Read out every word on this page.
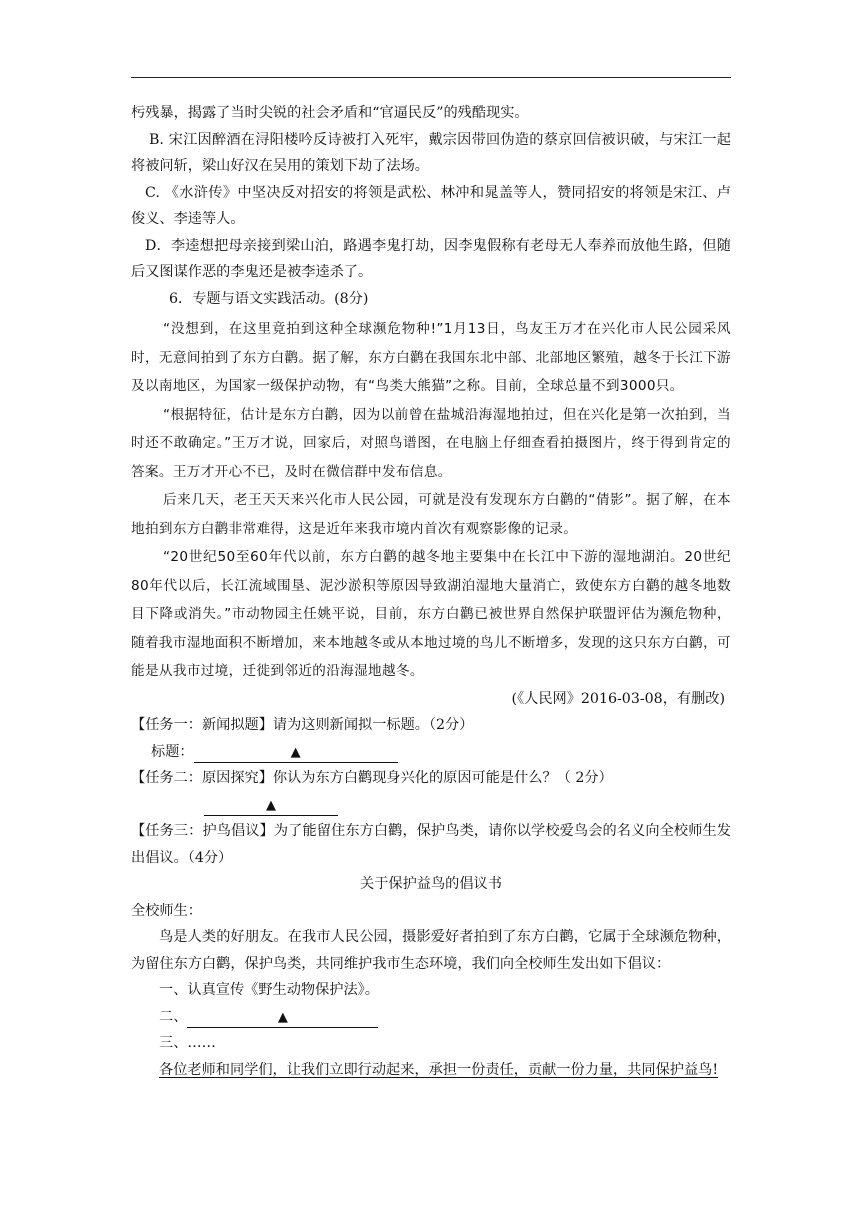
杇残暴，揭露了当时尖锐的社会矛盾和“官逼民反”的残酷现实。

B. 宋江因醉酒在浔阳楼吟反诗被打入死牢，戴宗因带回伪造的蔡京回信被识破，与宋江一起将被问斩，梁山好汉在吴用的策划下劫了法场。

C. 《水浒传》中坚决反对招安的将领是武松、林冲和晁盖等人，赞同招安的将领是宋江、卢俊义、李逵等人。

D．李逵想把母亲接到梁山泊，路遇李鬼打劫，因李鬼假称有老母无人奉养而放他生路，但随后又图谋作恶的李鬼还是被李逵杀了。

6．专题与语文实践活动。(8分)

“没想到，在这里竟拍到这种全球濒危物种!”1月13日，鸟友王万才在兴化市人民公园采风时，无意间拍到了东方白鹳。据了解，东方白鹳在我国东北中部、北部地区繁殖，越冬于长江下游及以南地区，为国家一级保护动物，有“鸟类大熊猫”之称。目前，全球总量不到3000只。

“根据特征，估计是东方白鹳，因为以前曾在盐城沿海湿地拍过，但在兴化是第一次拍到，当时还不敢确定。”王万才说，回家后，对照鸟谱图，在电脑上仔细查看拍摄图片，终于得到肯定的答案。王万才开心不已，及时在微信群中发布信息。

后来几天，老王天天来兴化市人民公园，可就是没有发现东方白鹳的“倩影”。据了解，在本地拍到东方白鹳非常难得，这是近年来我市境内首次有观察影像的记录。

“20世纪50至60年代以前，东方白鹳的越冬地主要集中在长江中下游的湿地湖泊。20世纪80年代以后，长江流域围垦、泥沙淤积等原因导致湖泊湿地大量消亡，致使东方白鹳的越冬地数目下降或消失。”市动物园主任姚平说，目前，东方白鹳已被世界自然保护联盟评估为濒危物种，随着我市湿地面积不断增加，来本地越冬或从本地过境的鸟儿不断增多，发现的这只东方白鹳，可能是从我市过境，迁徙到邻近的沿海湿地越冬。

(《人民网》2016-03-08，有删改)

【任务一：新闻拟题】请为这则新闻拟一标题。（2分）

标题：	▲

【任务二：原因探究】你认为东方白鹳现身兴化的原因可能是什么？（ 2分）

▲

【任务三：护鸟倡议】为了能留住东方白鹳，保护鸟类，请你以学校爱鸟会的名义向全校师生发出倡议。（4分）

关于保护益鸟的倡议书

全校师生：

鸟是人类的好朋友。在我市人民公园，摄影爱好者拍到了东方白鹳，它属于全球濒危物种，为留住东方白鹳，保护鸟类，共同维护我市生态环境，我们向全校师生发出如下倡议：

一、认真宣传《野生动物保护法》。

二、	▲

三、……

各位老师和同学们，让我们立即行动起来，承担一份责任，贡献一份力量，共同保护益鸟!
